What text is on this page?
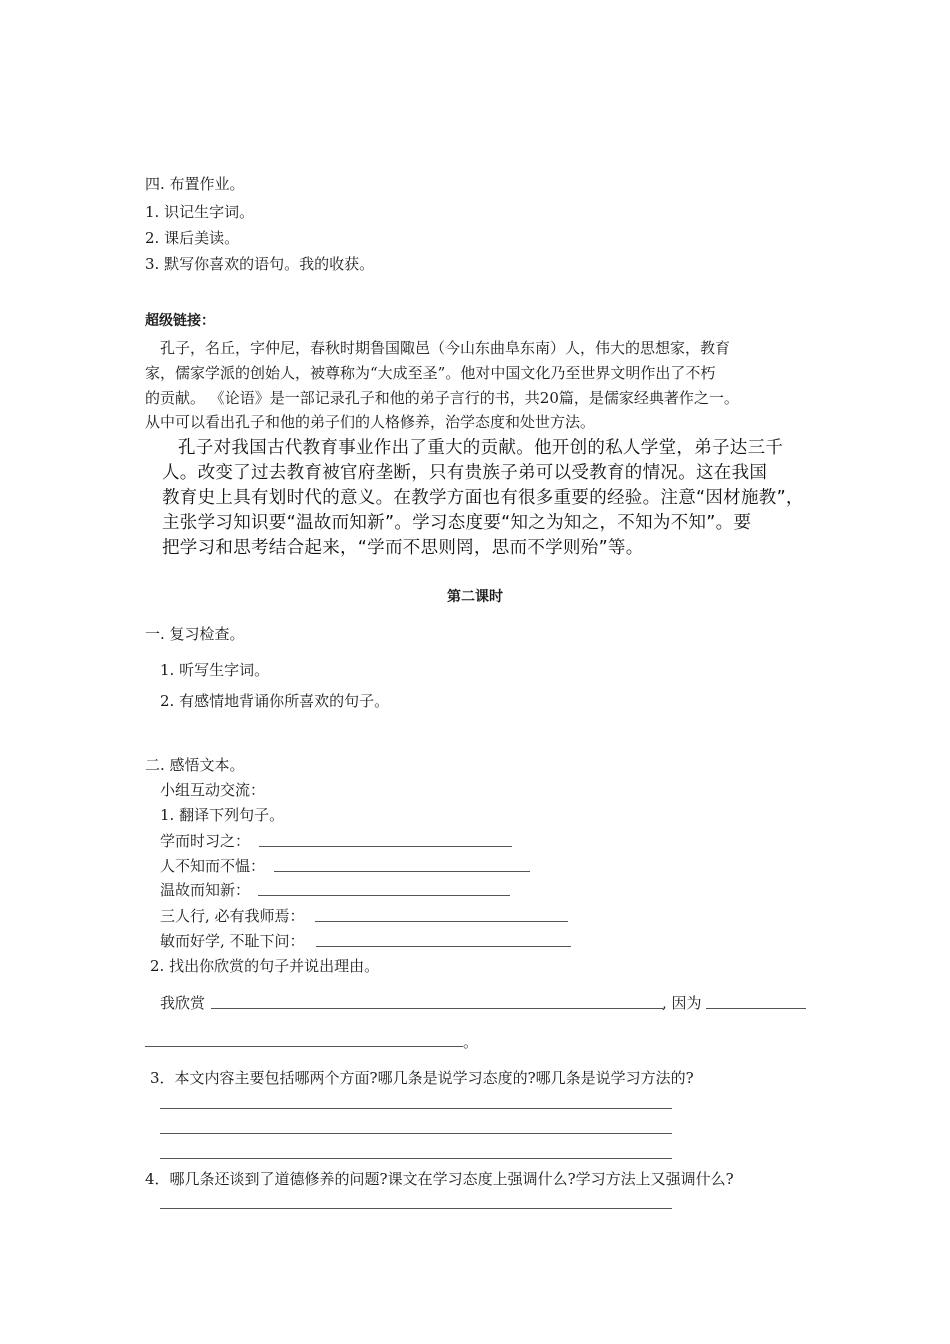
四. 布置作业。
1. 识记生字词。
2. 课后美读。
3. 默写你喜欢的语句。我的收获。
超级链接：
孔子，名丘，字仲尼，春秋时期鲁国陬邑（今山东曲阜东南）人，伟大的思想家，教育
家，儒家学派的创始人，被尊称为“大成至圣”。他对中国文化乃至世界文明作出了不朽
的贡献。 《论语》是一部记录孔子和他的弟子言行的书，共20篇，是儒家经典著作之一。
从中可以看出孔子和他的弟子们的人格修养，治学态度和处世方法。
孔子对我国古代教育事业作出了重大的贡献。他开创的私人学堂，弟子达三千
人。改变了过去教育被官府垄断，只有贵族子弟可以受教育的情况。这在我国
教育史上具有划时代的意义。在教学方面也有很多重要的经验。注意“因材施教”，
主张学习知识要“温故而知新”。学习态度要“知之为知之，不知为不知”。要
把学习和思考结合起来，“学而不思则罔，思而不学则殆”等。
第二课时
一. 复习检查。
1. 听写生字词。
2. 有感情地背诵你所喜欢的句子。
二. 感悟文本。
小组互动交流：
1. 翻译下列句子。
学而时习之：
人不知而不愠：
温故而知新：
三人行, 必有我师焉：
敏而好学, 不耻下问：
2. 找出你欣赏的句子并说出理由。
我欣赏	, 因为
。
3．本文内容主要包括哪两个方面?哪几条是说学习态度的?哪几条是说学习方法的?
4．哪几条还谈到了道德修养的问题?课文在学习态度上强调什么?学习方法上又强调什么?
